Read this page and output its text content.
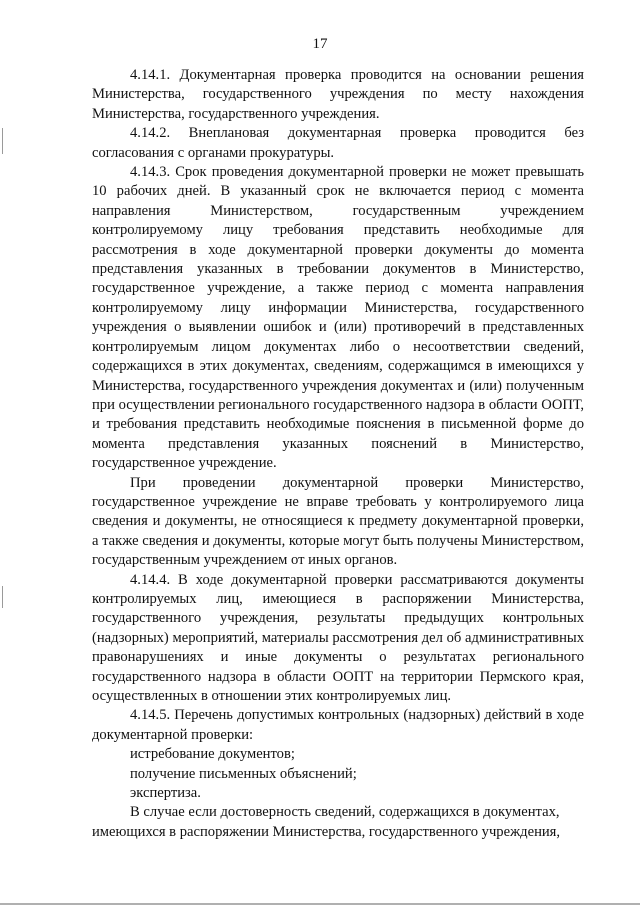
17

4.14.1. Документарная проверка проводится на основании решения Министерства, государственного учреждения по месту нахождения Министерства, государственного учреждения.

4.14.2. Внеплановая документарная проверка проводится без согласования с органами прокуратуры.

4.14.3. Срок проведения документарной проверки не может превышать 10 рабочих дней. В указанный срок не включается период с момента направления Министерством, государственным учреждением контролируемому лицу требования представить необходимые для рассмотрения в ходе документарной проверки документы до момента представления указанных в требовании документов в Министерство, государственное учреждение, а также период с момента направления контролируемому лицу информации Министерства, государственного учреждения о выявлении ошибок и (или) противоречий в представленных контролируемым лицом документах либо о несоответствии сведений, содержащихся в этих документах, сведениям, содержащимся в имеющихся у Министерства, государственного учреждения документах и (или) полученным при осуществлении регионального государственного надзора в области ООПТ, и требования представить необходимые пояснения в письменной форме до момента представления указанных пояснений в Министерство, государственное учреждение.

При проведении документарной проверки Министерство, государственное учреждение не вправе требовать у контролируемого лица сведения и документы, не относящиеся к предмету документарной проверки, а также сведения и документы, которые могут быть получены Министерством, государственным учреждением от иных органов.

4.14.4. В ходе документарной проверки рассматриваются документы контролируемых лиц, имеющиеся в распоряжении Министерства, государственного учреждения, результаты предыдущих контрольных (надзорных) мероприятий, материалы рассмотрения дел об административных правонарушениях и иные документы о результатах регионального государственного надзора в области ООПТ на территории Пермского края, осуществленных в отношении этих контролируемых лиц.

4.14.5. Перечень допустимых контрольных (надзорных) действий в ходе документарной проверки:

истребование документов;

получение письменных объяснений;

экспертиза.

В случае если достоверность сведений, содержащихся в документах, имеющихся в распоряжении Министерства, государственного учреждения,
